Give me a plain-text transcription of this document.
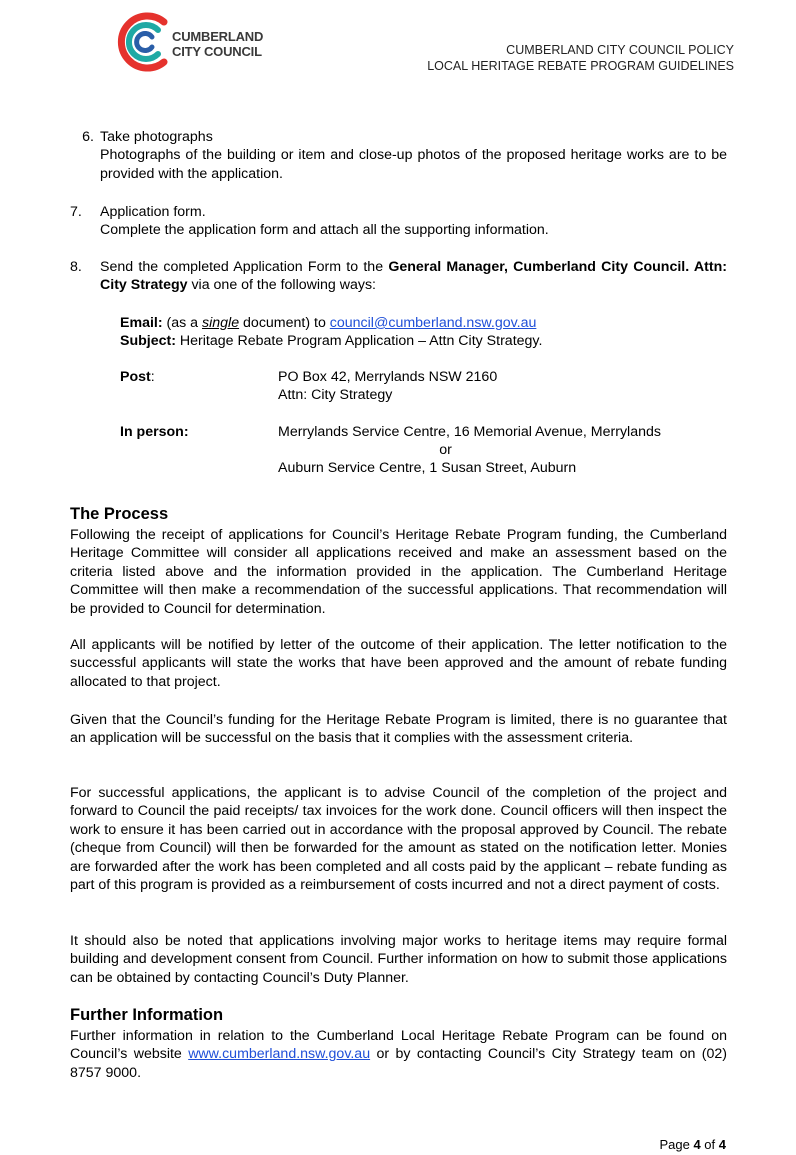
CUMBERLAND
CITY COUNCIL	CUMBERLAND CITY COUNCIL POLICY
LOCAL HERITAGE REBATE PROGRAM GUIDELINES
6. Take photographs
Photographs of the building or item and close-up photos of the proposed heritage works are to be provided with the application.
7.	Application form.
Complete the application form and attach all the supporting information.
8.	Send the completed Application Form to the General Manager, Cumberland City Council. Attn: City Strategy via one of the following ways:
Email: (as a single document) to council@cumberland.nsw.gov.au
Subject: Heritage Rebate Program Application – Attn City Strategy.
Post:	PO Box 42, Merrylands NSW 2160
Attn: City Strategy
In person:	Merrylands Service Centre, 16 Memorial Avenue, Merrylands
or
Auburn Service Centre, 1 Susan Street, Auburn
The Process
Following the receipt of applications for Council’s Heritage Rebate Program funding, the Cumberland Heritage Committee will consider all applications received and make an assessment based on the criteria listed above and the information provided in the application. The Cumberland Heritage Committee will then make a recommendation of the successful applications. That recommendation will be provided to Council for determination.
All applicants will be notified by letter of the outcome of their application. The letter notification to the successful applicants will state the works that have been approved and the amount of rebate funding allocated to that project.
Given that the Council’s funding for the Heritage Rebate Program is limited, there is no guarantee that an application will be successful on the basis that it complies with the assessment criteria.
For successful applications, the applicant is to advise Council of the completion of the project and forward to Council the paid receipts/ tax invoices for the work done. Council officers will then inspect the work to ensure it has been carried out in accordance with the proposal approved by Council. The rebate (cheque from Council) will then be forwarded for the amount as stated on the notification letter. Monies are forwarded after the work has been completed and all costs paid by the applicant – rebate funding as part of this program is provided as a reimbursement of costs incurred and not a direct payment of costs.
It should also be noted that applications involving major works to heritage items may require formal building and development consent from Council. Further information on how to submit those applications can be obtained by contacting Council’s Duty Planner.
Further Information
Further information in relation to the Cumberland Local Heritage Rebate Program can be found on Council’s website www.cumberland.nsw.gov.au or by contacting Council’s City Strategy team on (02) 8757 9000.
Page 4 of 4
